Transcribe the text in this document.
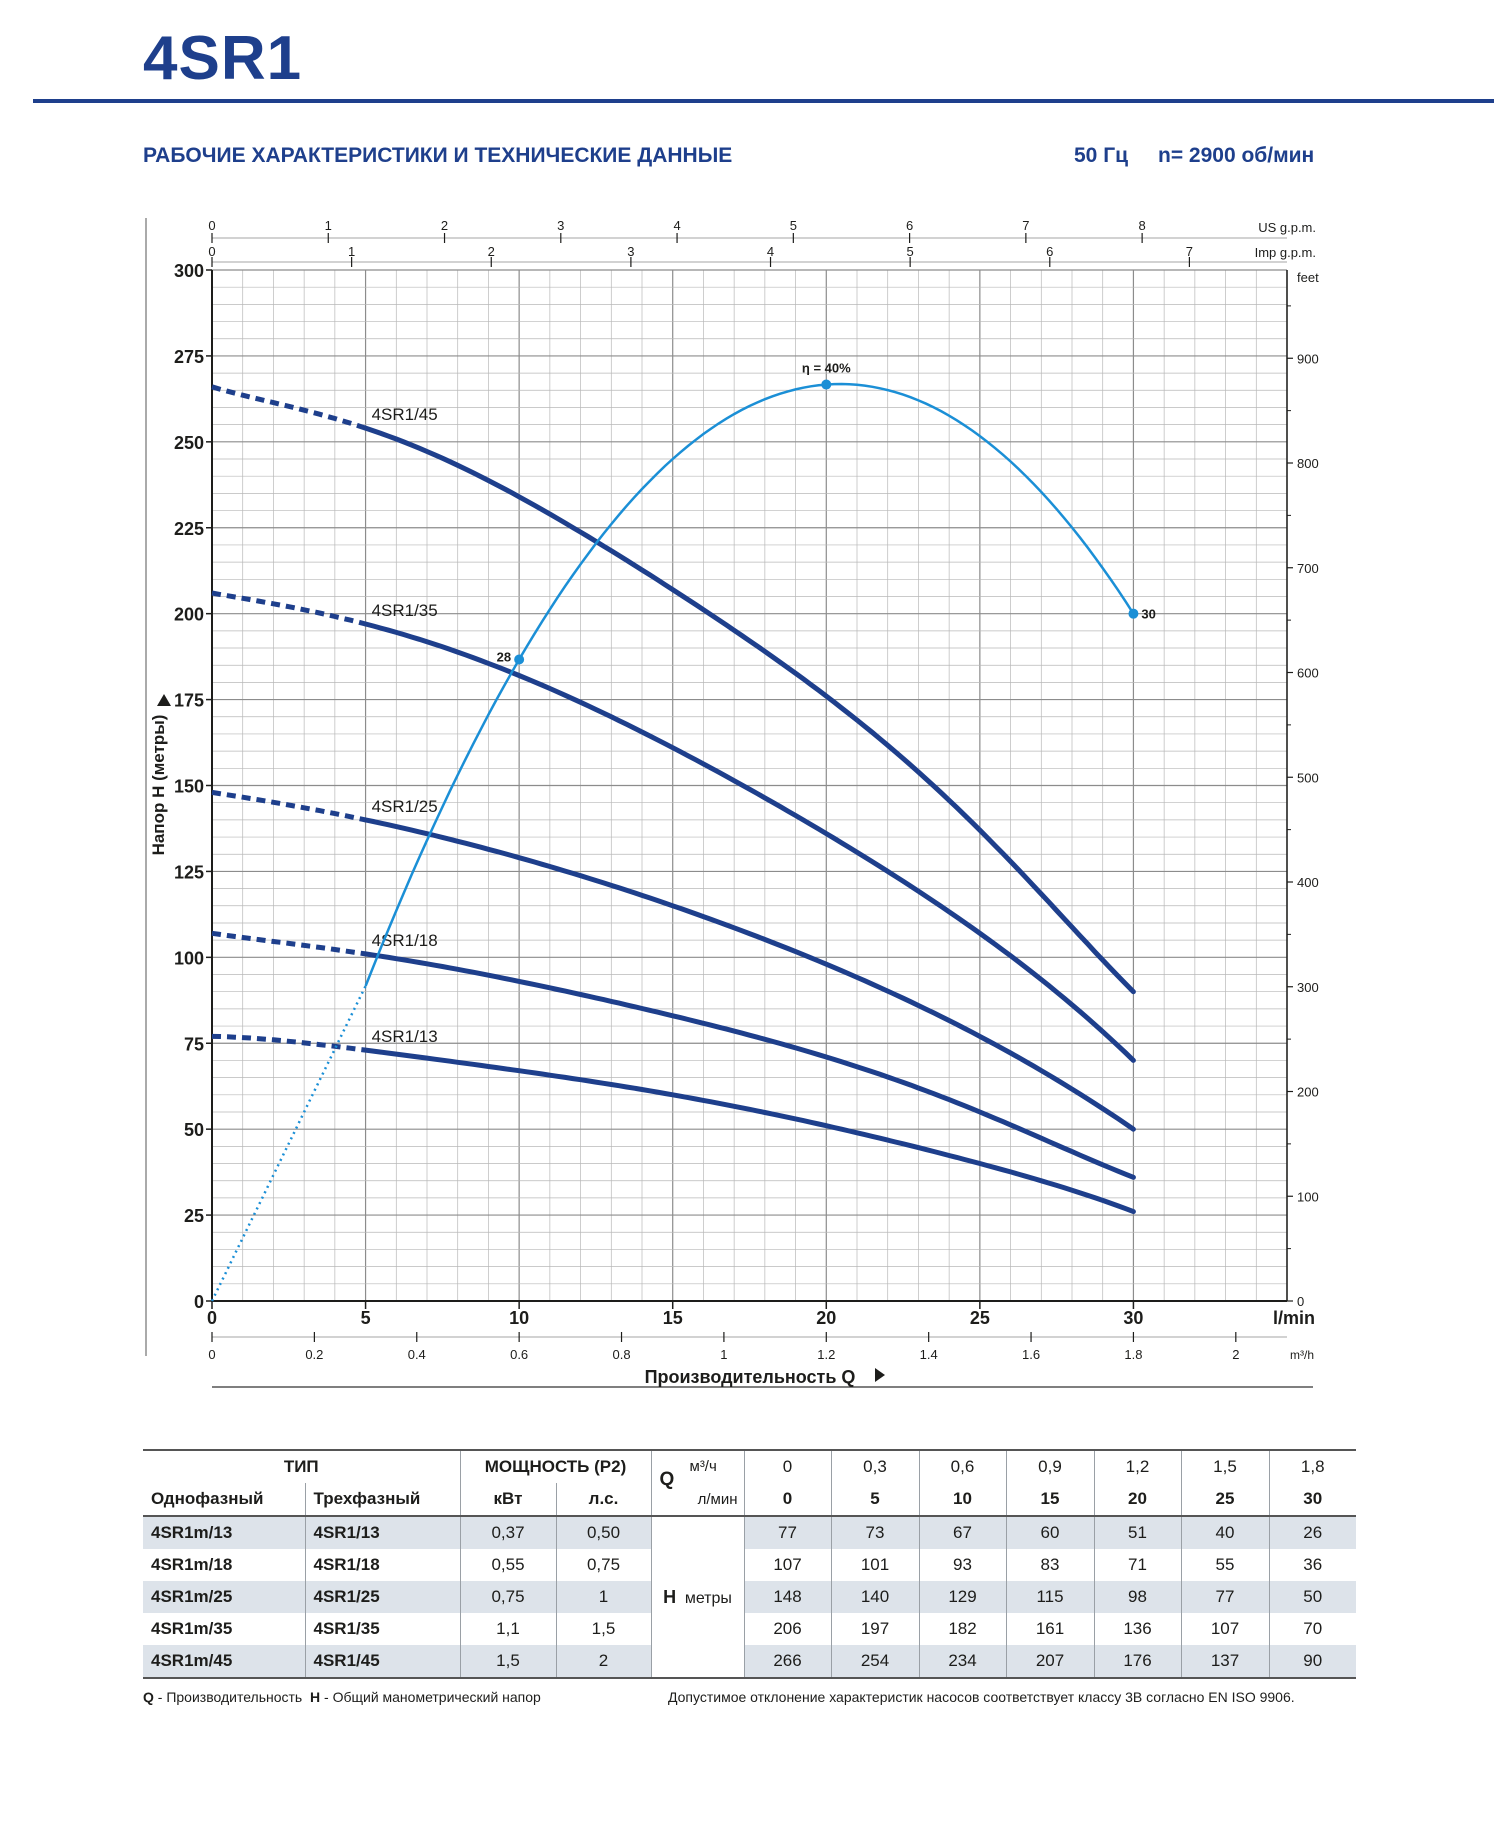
4SR1
РАБОЧИЕ ХАРАКТЕРИСТИКИ И ТЕХНИЧЕСКИЕ ДАННЫЕ	50 Гц n= 2900 об/мин
0
25
50
75
100
125
150
175
200
225
250
275
300
0	5	10	15	20	25	30	l/min
0
100
200
300
400
500
600
700
800
900
feet
0	0.2	0.4	0.6	0.8	1	1.2	1.4	1.6	1.8	2	m³/h
0	1	2	3	4	5	6	7	8	US g.p.m.
0	1	2	3	4	5	6	7	Imp g.p.m.
Напор H (метры)
Производительность Q
4SR1/45
4SR1/35
4SR1/25
4SR1/18
4SR1/13
28
η = 40%
30
ТИП		МОЩНОСТЬ (P2)		Q
м³/ч	0	0,3	0,6	0,9	1,2	1,5	1,8
Однофазный	Трехфазный	кВт	л.с.	л/мин	0	5	10	15	20	25	30
4SR1m/13	4SR1/13	0,37	0,50	H метры	77	73	67	60	51	40	26
4SR1m/18	4SR1/18	0,55	0,75		107	101	93	83	71	55	36
4SR1m/25	4SR1/25	0,75	1		148	140	129	115	98	77	50
4SR1m/35	4SR1/35	1,1	1,5		206	197	182	161	136	107	70
4SR1m/45	4SR1/45	1,5	2		266	254	234	207	176	137	90
Q - Производительность H - Общий манометрический напор	Допустимое отклонение характеристик насосов соответствует классу 3B согласно EN ISO 9906.
